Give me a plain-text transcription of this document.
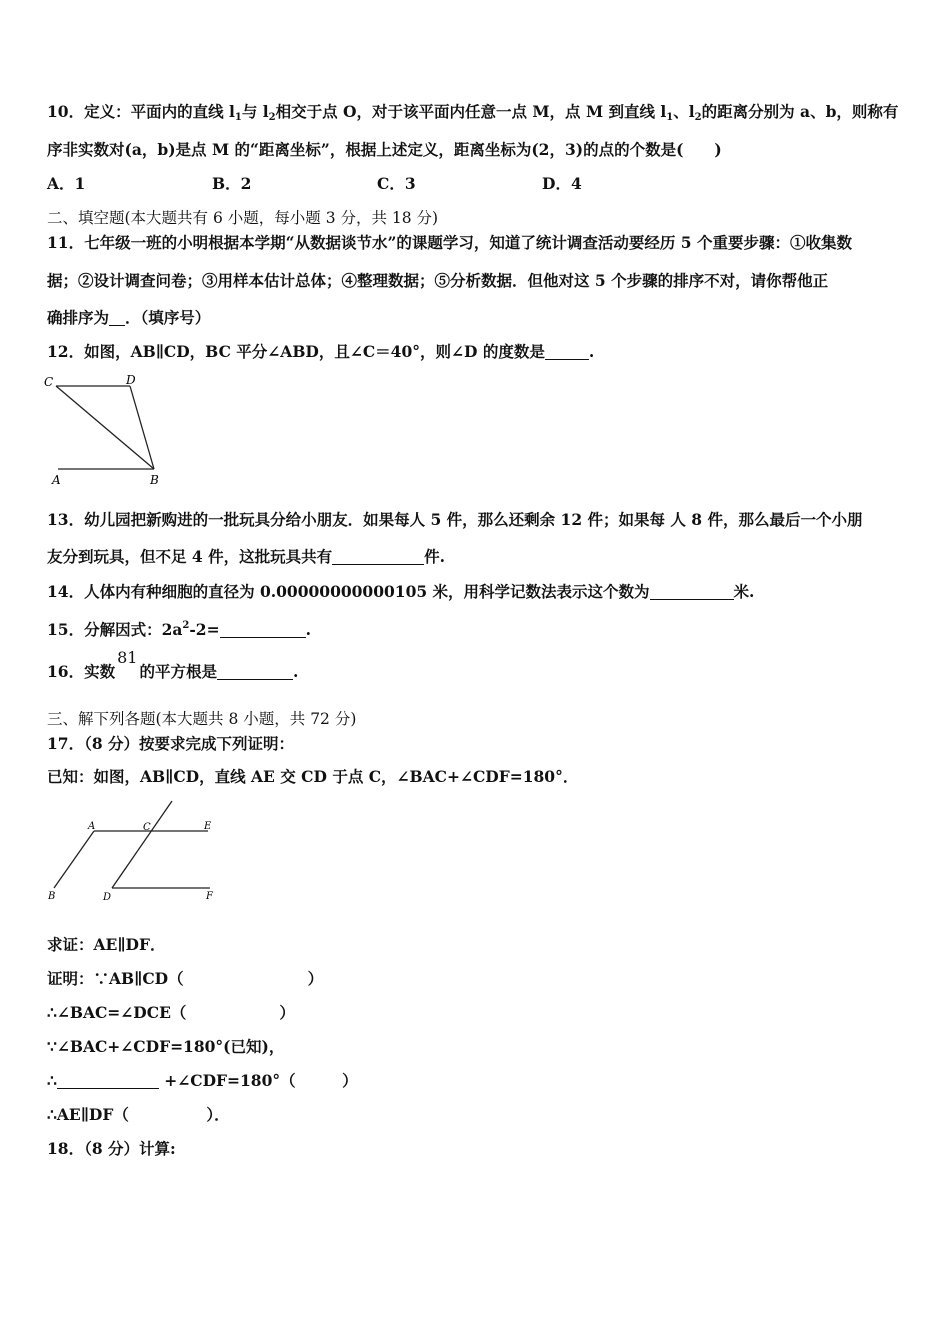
10．定义：平面内的直线 $l_1$与 $l_2$相交于点 O，对于该平面内任意一点 M，点 M 到直线 $l_1$、$l_2$的距离分别为 a、b，则称有
序非实数对(a，b)是点 M 的“距离坐标”，根据上述定义，距离坐标为(2，3)的点的个数是(　　)
A．1	B．2	C．3	D．4
二、填空题(本大题共有 6 小题，每小题 3 分，共 18 分)
11．七年级一班的小明根据本学期“从数据谈节水”的课题学习，知道了统计调查活动要经历 5 个重要步骤：①收集数
据；②设计调查问卷；③用样本估计总体；④整理数据；⑤分析数据．但他对这 5 个步骤的排序不对，请你帮他正
确排序为 ．（填序号）
12．如图，AB∥CD，BC 平分∠ABD，且∠C＝40°，则∠D 的度数是	.
C	D
A	B
13．幼儿园把新购进的一批玩具分给小朋友．如果每人 5 件，那么还剩余 12 件；如果每 人 8 件，那么最后一个小朋
友分到玩具，但不足 4 件，这批玩具共有	件.
14．人体内有种细胞的直径为 0.00000000000105 米，用科学记数法表示这个数为	米.
15．分解因式：$2a^2-2=$	.
16．实数81的平方根是	.
三、解下列各题(本大题共 8 小题，共 72 分)
17．（8 分）按要求完成下列证明：
已知：如图，AB∥CD，直线 AE 交 CD 于点 C，∠BAC+∠CDF=180°．
A	C	E
B	D	F
求证：AE∥DF．
证明：∵AB∥CD（　　　　　　　　）
∴∠BAC=∠DCE（　　　　　　）
∵∠BAC+∠CDF=180°(已知)，
∴	+∠CDF=180°（　　　）
∴AE∥DF（　　　　　）．
18．（8 分）计算:
